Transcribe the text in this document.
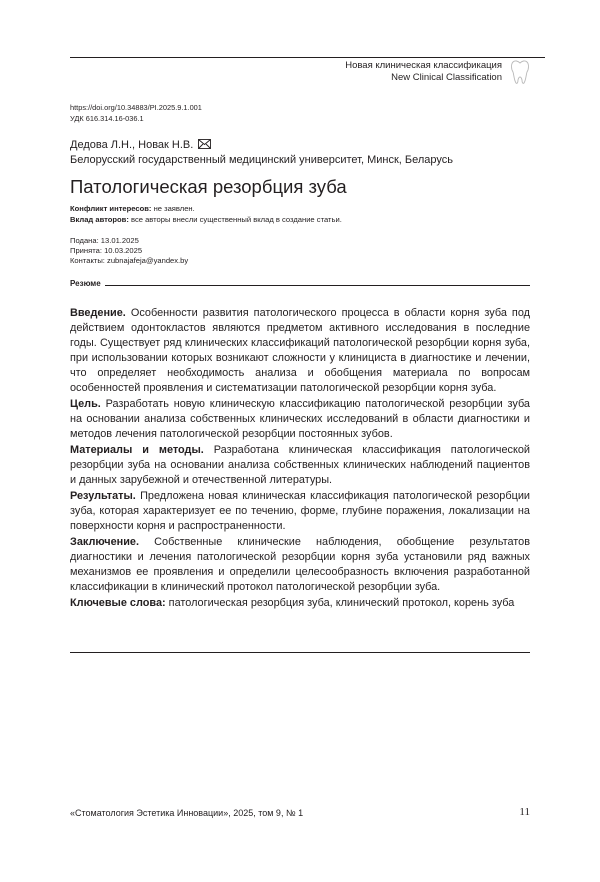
Новая клиническая классификация
New Clinical Classification
https://doi.org/10.34883/PI.2025.9.1.001
УДК 616.314.16-036.1
Дедова Л.Н., Новак Н.В.
Белорусский государственный медицинский университет, Минск, Беларусь
Патологическая резорбция зуба
Конфликт интересов: не заявлен.
Вклад авторов: все авторы внесли существенный вклад в создание статьи.
Подана: 13.01.2025
Принята: 10.03.2025
Контакты: zubnajafeja@yandex.by
Резюме

Введение. Особенности развития патологического процесса в области корня зуба под действием одонтокластов являются предметом активного исследования в последние годы. Существует ряд клинических классификаций патологической резорбции корня зуба, при использовании которых возникают сложности у клинициста в диагностике и лечении, что определяет необходимость анализа и обобщения материала по вопросам особенностей проявления и систематизации патологической резорбции корня зуба.

Цель. Разработать новую клиническую классификацию патологической резорбции зуба на основании анализа собственных клинических исследований в области диагностики и методов лечения патологической резорбции постоянных зубов.

Материалы и методы. Разработана клиническая классификация патологической резорбции зуба на основании анализа собственных клинических наблюдений пациентов и данных зарубежной и отечественной литературы.

Результаты. Предложена новая клиническая классификация патологической резорбции зуба, которая характеризует ее по течению, форме, глубине поражения, локализации на поверхности корня и распространенности.

Заключение. Собственные клинические наблюдения, обобщение результатов диагностики и лечения патологической резорбции корня зуба установили ряд важных механизмов ее проявления и определили целесообразность включения разработанной классификации в клинический протокол патологической резорбции зуба.

Ключевые слова: патологическая резорбция зуба, клинический протокол, корень зуба

«Стоматология Эстетика Инновации», 2025, том 9, № 1	11
